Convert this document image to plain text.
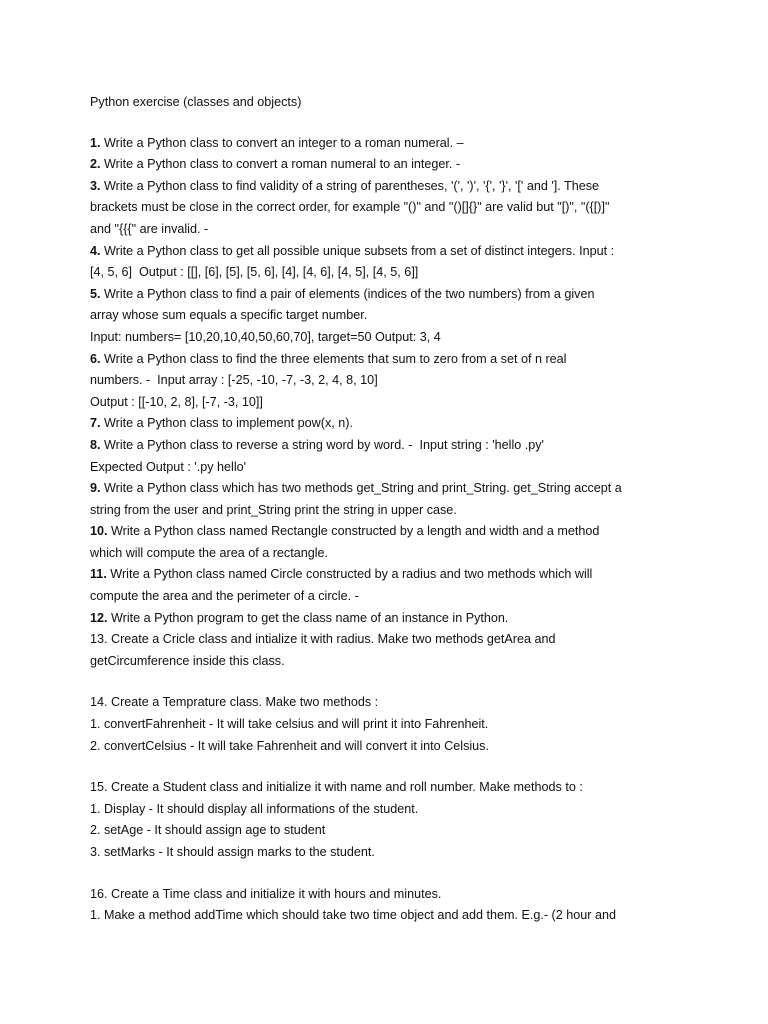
Python exercise (classes and objects)

1. Write a Python class to convert an integer to a roman numeral. –

2. Write a Python class to convert a roman numeral to an integer. -

3. Write a Python class to find validity of a string of parentheses, '(', ')', '{', '}', '[' and ']. These

brackets must be close in the correct order, for example "()" and "()[]{}" are valid but "[)", "({[)]"

and "{{{" are invalid. -

4. Write a Python class to get all possible unique subsets from a set of distinct integers. Input :

[4, 5, 6]  Output : [[], [6], [5], [5, 6], [4], [4, 6], [4, 5], [4, 5, 6]]

5. Write a Python class to find a pair of elements (indices of the two numbers) from a given

array whose sum equals a specific target number.

Input: numbers= [10,20,10,40,50,60,70], target=50 Output: 3, 4

6. Write a Python class to find the three elements that sum to zero from a set of n real

numbers. -  Input array : [-25, -10, -7, -3, 2, 4, 8, 10]

Output : [[-10, 2, 8], [-7, -3, 10]]

7. Write a Python class to implement pow(x, n).

8. Write a Python class to reverse a string word by word. -  Input string : 'hello .py'

Expected Output : '.py hello'

9. Write a Python class which has two methods get_String and print_String. get_String accept a

string from the user and print_String print the string in upper case.

10. Write a Python class named Rectangle constructed by a length and width and a method

which will compute the area of a rectangle.

11. Write a Python class named Circle constructed by a radius and two methods which will

compute the area and the perimeter of a circle. -

12. Write a Python program to get the class name of an instance in Python.

13. Create a Cricle class and intialize it with radius. Make two methods getArea and

getCircumference inside this class.

14. Create a Temprature class. Make two methods :

1. convertFahrenheit - It will take celsius and will print it into Fahrenheit.

2. convertCelsius - It will take Fahrenheit and will convert it into Celsius.

15. Create a Student class and initialize it with name and roll number. Make methods to :

1. Display - It should display all informations of the student.

2. setAge - It should assign age to student

3. setMarks - It should assign marks to the student.

16. Create a Time class and initialize it with hours and minutes.

1. Make a method addTime which should take two time object and add them. E.g.- (2 hour and
